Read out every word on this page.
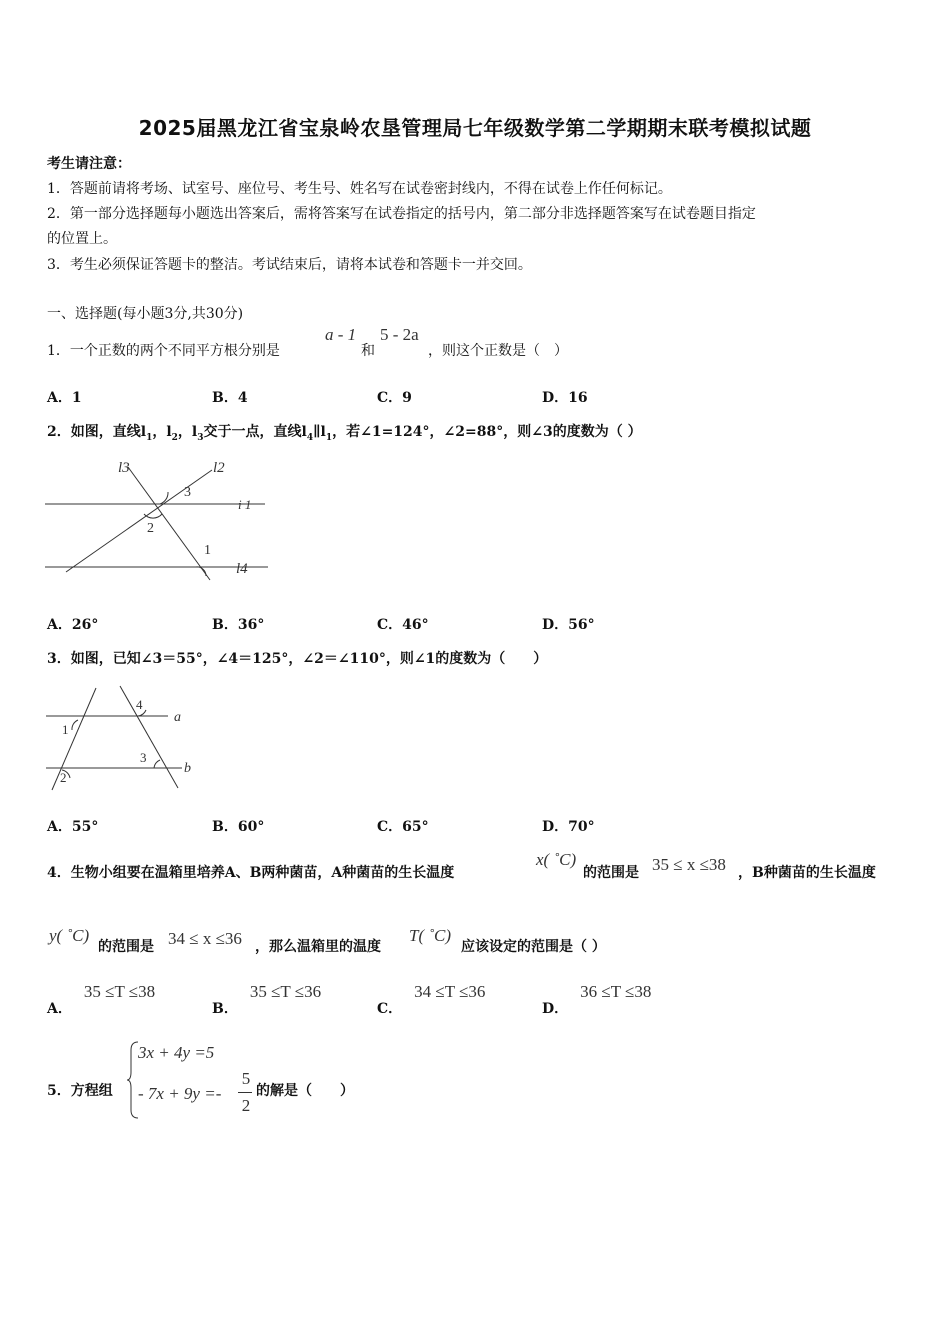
2025届黑龙江省宝泉岭农垦管理局七年级数学第二学期期末联考模拟试题
考生请注意：
1．答题前请将考场、试室号、座位号、考生号、姓名写在试卷密封线内，不得在试卷上作任何标记。
2．第一部分选择题每小题选出答案后，需将答案写在试卷指定的括号内，第二部分非选择题答案写在试卷题目指定
的位置上。
3．考生必须保证答题卡的整洁。考试结束后，请将本试卷和答题卡一并交回。
一、选择题(每小题3分,共30分)
1．一个正数的两个不同平方根分别是
a - 1
和
5 - 2a
，则这个正数是（　）
A．1	B．4	C．9	D．16
2．如图，直线$l_1$，$l_2$，$l_3$交于一点，直线$l_4\parallel l_1$，若∠1=124°，∠2=88°，则∠3的度数为（ ）
l3	l2
i 1
l4
3
2
1
A．26°	B．36°	C．46°	D．56°
3．如图，已知∠3＝55°，∠4＝125°，∠2＝∠110°，则∠1的度数为（　　）
a
b
1
2
3
4
A．55°	B．60°	C．65°	D．70°
4．生物小组要在温箱里培养A、B两种菌苗，A种菌苗的生长温度
x( ˚C)
的范围是 35 ≤ x ≤38 ，B种菌苗的生长温度
y( ˚C)
的范围是 34 ≤ x ≤36 ，那么温箱里的温度
T( ˚C)
应该设定的范围是（ ）
A．35 ≤T ≤38
B．35 ≤T ≤36
C．34 ≤T ≤36
D．36 ≤T ≤38
5．方程组
3x + 4y =5
- 7x + 9y =-
5
2
的解是（　　）
